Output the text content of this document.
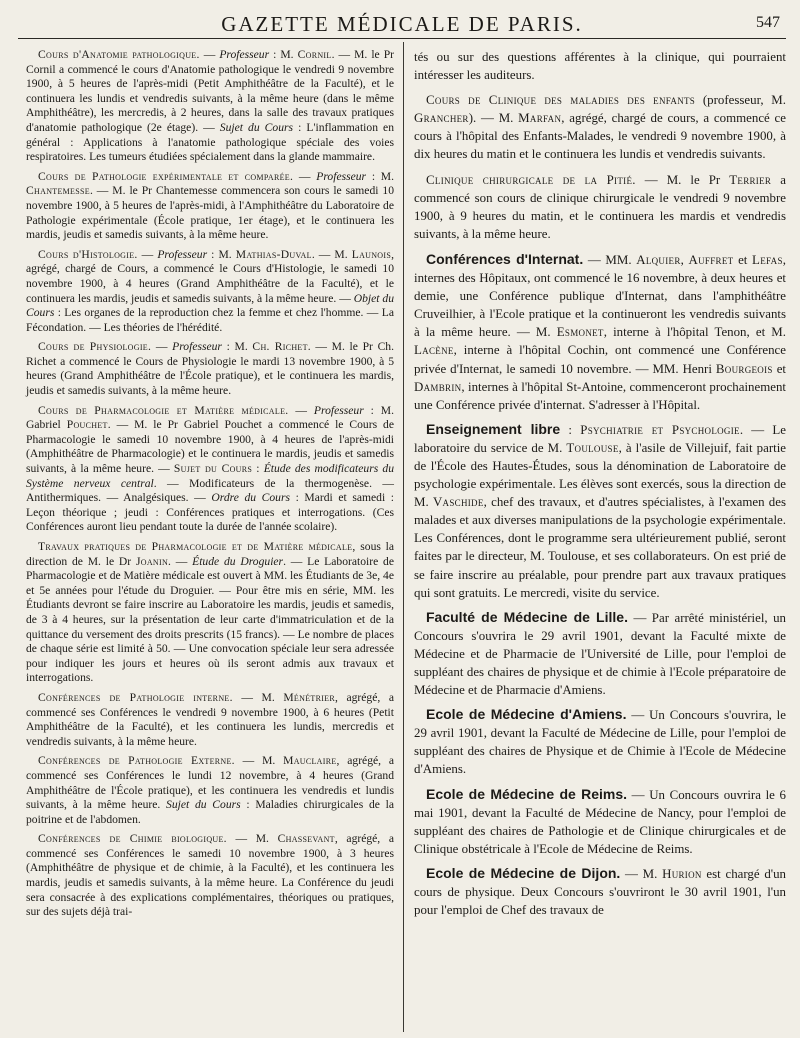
GAZETTE MÉDICALE DE PARIS.	547

Cours d'Anatomie pathologique. — Professeur : M. Cornil. — M. le Pr Cornil a commencé le cours d'Anatomie pathologique le vendredi 9 novembre 1900, à 5 heures de l'après-midi (Petit Amphithéâtre de la Faculté), et le continuera les lundis et vendredis suivants, à la même heure (dans le même Amphithéâtre), les mercredis, à 2 heures, dans la salle des travaux pratiques d'anatomie pathologique (2e étage). — Sujet du Cours : L'inflammation en général : Applications à l'anatomie pathologique spéciale des voies respiratoires. Les tumeurs étudiées spécialement dans la glande mammaire.

Cours de Pathologie expérimentale et comparée. — Professeur : M. Chantemesse. — M. le Pr Chantemesse commencera son cours le samedi 10 novembre 1900, à 5 heures de l'après-midi, à l'Amphithéâtre du Laboratoire de Pathologie expérimentale (École pratique, 1er étage), et le continuera les mardis, jeudis et samedis suivants, à la même heure.

Cours d'Histologie. — Professeur : M. Mathias-Duval. — M. Launois, agrégé, chargé de Cours, a commencé le Cours d'Histologie, le samedi 10 novembre 1900, à 4 heures (Grand Amphithéâtre de la Faculté), et le continuera les mardis, jeudis et samedis suivants, à la même heure. — Objet du Cours : Les organes de la reproduction chez la femme et chez l'homme. — La Fécondation. — Les théories de l'hérédité.

Cours de Physiologie. — Professeur : M. Ch. Richet. — M. le Pr Ch. Richet a commencé le Cours de Physiologie le mardi 13 novembre 1900, à 5 heures (Grand Amphithéâtre de l'École pratique), et le continuera les mardis, jeudis et samedis suivants, à la même heure.

Cours de Pharmacologie et Matière médicale. — Professeur : M. Gabriel Pouchet. — M. le Pr Gabriel Pouchet a commencé le Cours de Pharmacologie le samedi 10 novembre 1900, à 4 heures de l'après-midi (Amphithéâtre de Pharmacologie) et le continuera le mardis, jeudis et samedis suivants, à la même heure. — Sujet du Cours : Étude des modificateurs du Système nerveux central. — Modificateurs de la thermogenèse. — Antithermiques. — Analgésiques. — Ordre du Cours : Mardi et samedi : Leçon théorique ; jeudi : Conférences pratiques et interrogations. (Ces Conférences auront lieu pendant toute la durée de l'année scolaire).

Travaux pratiques de Pharmacologie et de Matière médicale, sous la direction de M. le Dr Joanin. — Étude du Droguier. — Le Laboratoire de Pharmacologie et de Matière médicale est ouvert à MM. les Étudiants de 3e, 4e et 5e années pour l'étude du Droguier. — Pour être mis en série, MM. les Étudiants devront se faire inscrire au Laboratoire les mardis, jeudis et samedis, de 3 à 4 heures, sur la présentation de leur carte d'immatriculation et de la quittance du versement des droits prescrits (15 francs). — Le nombre de places de chaque série est limité à 50. — Une convocation spéciale leur sera adressée pour indiquer les jours et heures où ils seront admis aux travaux et interrogations.

Conférences de Pathologie interne. — M. Ménétrier, agrégé, a commencé ses Conférences le vendredi 9 novembre 1900, à 6 heures (Petit Amphithéâtre de la Faculté), et les continuera les lundis, mercredis et vendredis suivants, à la même heure.

Conférences de Pathologie Externe. — M. Mauclaire, agrégé, a commencé ses Conférences le lundi 12 novembre, à 4 heures (Grand Amphithéâtre de l'École pratique), et les continuera les vendredis et lundis suivants, à la même heure. Sujet du Cours : Maladies chirurgicales de la poitrine et de l'abdomen.

Conférences de Chimie biologique. — M. Chassevant, agrégé, a commencé ses Conférences le samedi 10 novembre 1900, à 3 heures (Amphithéâtre de physique et de chimie, à la Faculté), et les continuera les mardis, jeudis et samedis suivants, à la même heure. La Conférence du jeudi sera consacrée à des explications complémentaires, théoriques ou pratiques, sur des sujets déjà trai-

tés ou sur des questions afférentes à la clinique, qui pourraient intéresser les auditeurs.

Cours de Clinique des maladies des enfants (professeur, M. Grancher). — M. Marfan, agrégé, chargé de cours, a commencé ce cours à l'hôpital des Enfants-Malades, le vendredi 9 novembre 1900, à dix heures du matin et le continuera les lundis et vendredis suivants.

Clinique chirurgicale de la Pitié. — M. le Pr Terrier a commencé son cours de clinique chirurgicale le vendredi 9 novembre 1900, à 9 heures du matin, et le continuera les mardis et vendredis suivants, à la même heure.

Conférences d'Internat. — MM. Alquier, Auffret et Lefas, internes des Hôpitaux, ont commencé le 16 novembre, à deux heures et demie, une Conférence publique d'Internat, dans l'amphithéâtre Cruveilhier, à l'Ecole pratique et la continueront les vendredis suivants à la même heure. — M. Esmonet, interne à l'hôpital Tenon, et M. Lacène, interne à l'hôpital Cochin, ont commencé une Conférence privée d'Internat, le samedi 10 novembre. — MM. Henri Bourgeois et Dambrin, internes à l'hôpital St-Antoine, commenceront prochainement une Conférence privée d'internat. S'adresser à l'Hôpital.

Enseignement libre : Psychiatrie et Psychologie. — Le laboratoire du service de M. Toulouse, à l'asile de Villejuif, fait partie de l'École des Hautes-Études, sous la dénomination de Laboratoire de psychologie expérimentale. Les élèves sont exercés, sous la direction de M. Vaschide, chef des travaux, et d'autres spécialistes, à l'examen des malades et aux diverses manipulations de la psychologie expérimentale. Les Conférences, dont le programme sera ultérieurement publié, seront faites par le directeur, M. Toulouse, et ses collaborateurs. On est prié de se faire inscrire au préalable, pour prendre part aux travaux pratiques qui sont gratuits. Le mercredi, visite du service.

Faculté de Médecine de Lille. — Par arrêté ministériel, un Concours s'ouvrira le 29 avril 1901, devant la Faculté mixte de Médecine et de Pharmacie de l'Université de Lille, pour l'emploi de suppléant des chaires de physique et de chimie à l'Ecole préparatoire de Médecine et de Pharmacie d'Amiens.

Ecole de Médecine d'Amiens. — Un Concours s'ouvrira, le 29 avril 1901, devant la Faculté de Médecine de Lille, pour l'emploi de suppléant des chaires de Physique et de Chimie à l'Ecole de Médecine d'Amiens.

Ecole de Médecine de Reims. — Un Concours ouvrira le 6 mai 1901, devant la Faculté de Médecine de Nancy, pour l'emploi de suppléant des chaires de Pathologie et de Clinique chirurgicales et de Clinique obstétricale à l'Ecole de Médecine de Reims.

Ecole de Médecine de Dijon. — M. Hurion est chargé d'un cours de physique. Deux Concours s'ouvriront le 30 avril 1901, l'un pour l'emploi de Chef des travaux de
